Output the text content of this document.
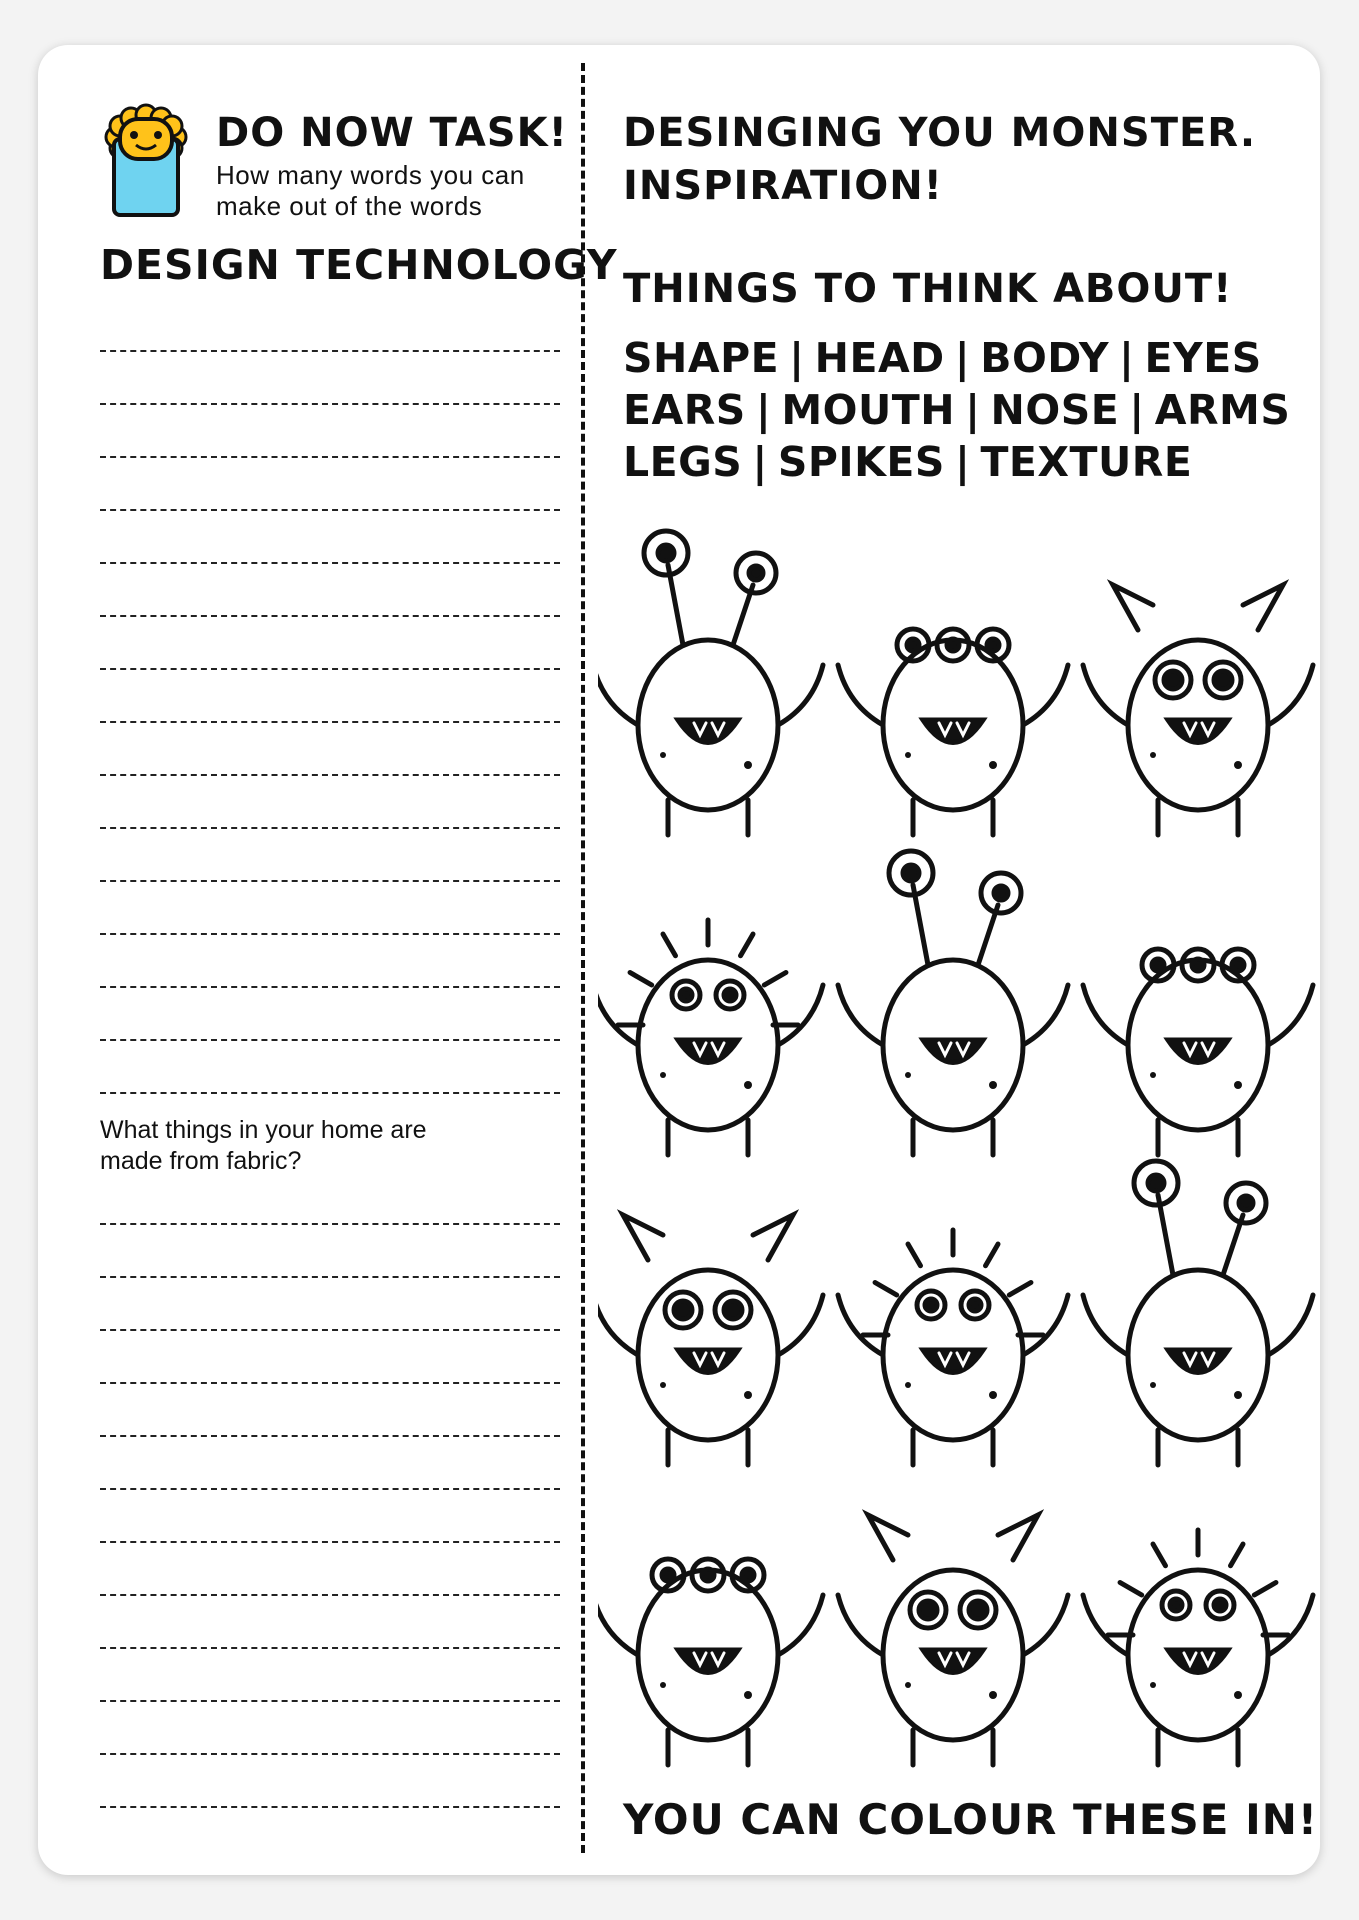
DO NOW TASK!

How many words you can make out of the words

DESIGN TECHNOLOGY

What things in your home are made from fabric?

DESINGING YOU MONSTER.
INSPIRATION!
THINGS TO THINK ABOUT!

SHAPE | HEAD | BODY | EYES
EARS | MOUTH | NOSE | ARMS
LEGS | SPIKES | TEXTURE

YOU CAN COLOUR THESE IN!
